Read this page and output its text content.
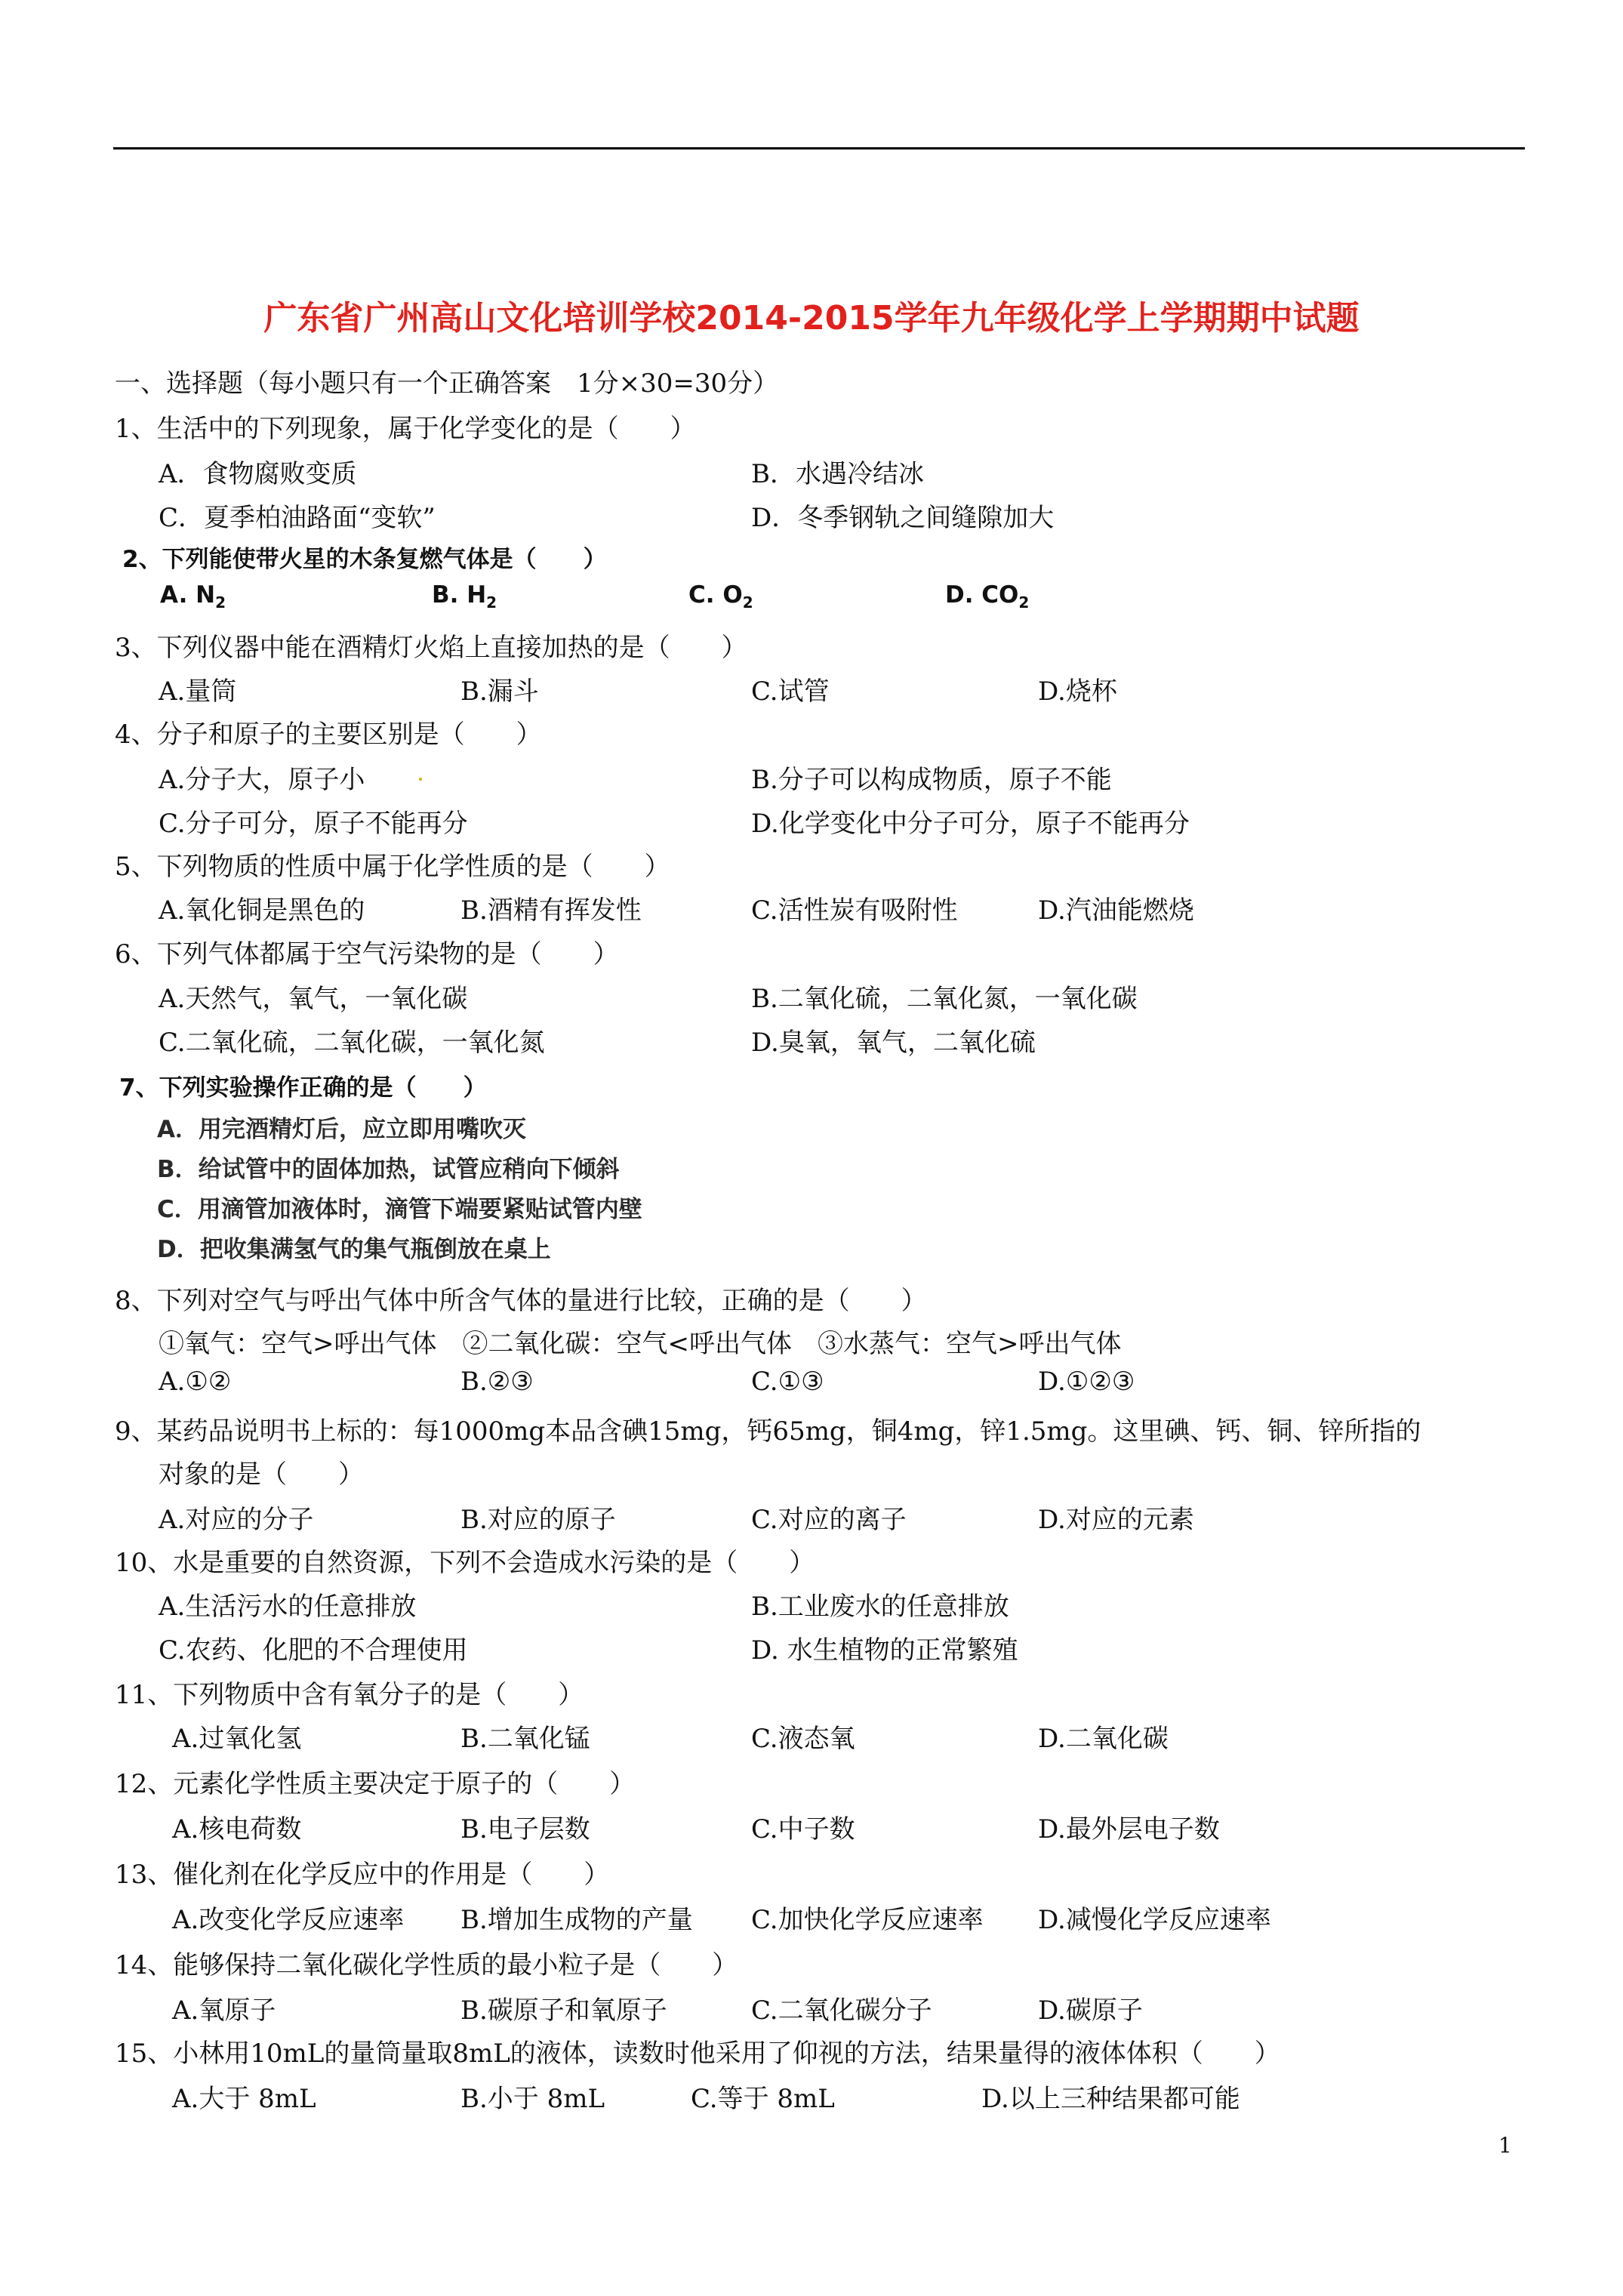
广东省广州高山文化培训学校2014-2015学年九年级化学上学期期中试题
一、选择题（每小题只有一个正确答案　1分×30=30分）
1、生活中的下列现象，属于化学变化的是（　　）
A．食物腐败变质	B．水遇冷结冰
C．夏季柏油路面“变软”	D．冬季钢轨之间缝隙加大
2、下列能使带火星的木条复燃气体是（　　）
A. $N_2$	B. $H_2$	C. $O_2$	D. $CO_2$
3、下列仪器中能在酒精灯火焰上直接加热的是（　　）
A.量筒	B.漏斗	C.试管	D.烧杯
4、分子和原子的主要区别是（　　）
A.分子大，原子小	B.分子可以构成物质，原子不能
C.分子可分，原子不能再分	D.化学变化中分子可分，原子不能再分
5、下列物质的性质中属于化学性质的是（　　）
A.氧化铜是黑色的	B.酒精有挥发性	C.活性炭有吸附性	D.汽油能燃烧
6、下列气体都属于空气污染物的是（　　）
A.天然气，氧气，一氧化碳	B.二氧化硫，二氧化氮，一氧化碳
C.二氧化硫，二氧化碳，一氧化氮	D.臭氧，氧气，二氧化硫
7、下列实验操作正确的是（　　）
A．用完酒精灯后，应立即用嘴吹灭
B．给试管中的固体加热，试管应稍向下倾斜
C．用滴管加液体时，滴管下端要紧贴试管内壁
D．把收集满氢气的集气瓶倒放在桌上
8、下列对空气与呼出气体中所含气体的量进行比较，正确的是（　　）
①氧气：空气>呼出气体　②二氧化碳：空气<呼出气体　③水蒸气：空气>呼出气体
A.①②	B.②③	C.①③	D.①②③
9、某药品说明书上标的：每1000mg本品含碘15mg，钙65mg，铜4mg，锌1.5mg。这里碘、钙、铜、锌所指的
对象的是（　　）
A.对应的分子	B.对应的原子	C.对应的离子	D.对应的元素
10、水是重要的自然资源，下列不会造成水污染的是（　　）
A.生活污水的任意排放	B.工业废水的任意排放
C.农药、化肥的不合理使用	D. 水生植物的正常繁殖
11、下列物质中含有氧分子的是（　　）
A.过氧化氢	B.二氧化锰	C.液态氧	D.二氧化碳
12、元素化学性质主要决定于原子的（　　）
A.核电荷数	B.电子层数	C.中子数	D.最外层电子数
13、催化剂在化学反应中的作用是（　　）
A.改变化学反应速率 B.增加生成物的产量 C.加快化学反应速率 D.减慢化学反应速率
14、能够保持二氧化碳化学性质的最小粒子是（　　）
A.氧原子	B.碳原子和氧原子	C.二氧化碳分子	D.碳原子
15、小林用10mL的量筒量取8mL的液体，读数时他采用了仰视的方法，结果量得的液体体积（　　）
A.大于 8mL	B.小于 8mL	C.等于 8mL	D.以上三种结果都可能
1
